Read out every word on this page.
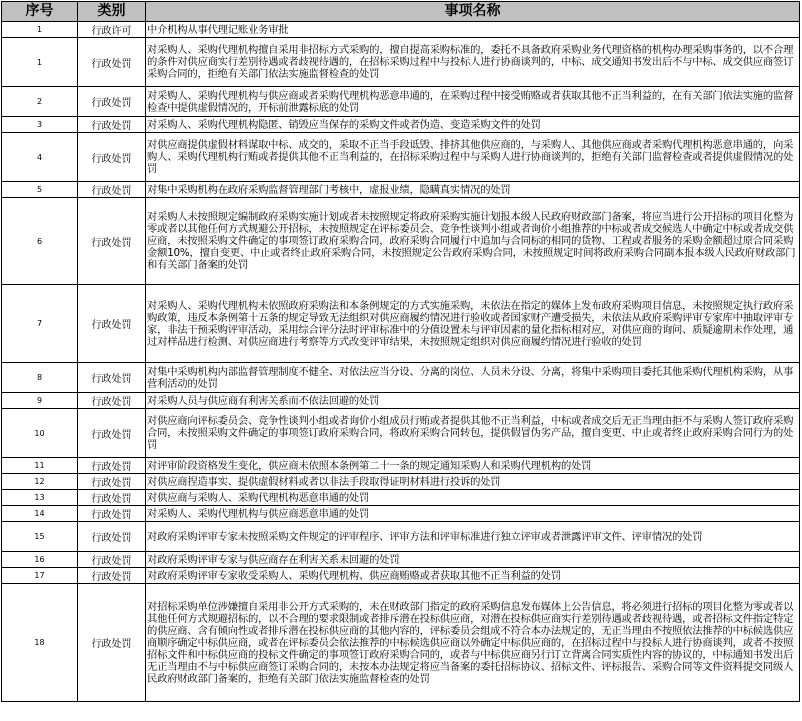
序号	类别	事项名称
1	行政许可	中介机构从事代理记账业务审批
1	行政处罚	对采购人、采购代理机构擅自采用非招标方式采购的，擅自提高采购标准的，委托不具备政府采购业务代理资格的机构办理采购事务的，以不合理的条件对供应商实行差别待遇或者歧视待遇的，在招标采购过程中与投标人进行协商谈判的，中标、成交通知书发出后不与中标、成交供应商签订采购合同的，拒绝有关部门依法实施监督检查的处罚
2	行政处罚	对采购人、采购代理机构与供应商或者采购代理机构恶意串通的，在采购过程中接受贿赂或者获取其他不正当利益的，在有关部门依法实施的监督检查中提供虚假情况的，开标前泄露标底的处罚
3	行政处罚	对采购人、采购代理机构隐匿、销毁应当保存的采购文件或者伪造、变造采购文件的处罚
4	行政处罚	对供应商提供虚假材料谋取中标、成交的，采取不正当手段诋毁、排挤其他供应商的，与采购人、其他供应商或者采购代理机构恶意串通的，向采购人、采购代理机构行贿或者提供其他不正当利益的，在招标采购过程中与采购人进行协商谈判的，拒绝有关部门监督检查或者提供虚假情况的处罚
5	行政处罚	对集中采购机构在政府采购监督管理部门考核中，虚报业绩，隐瞒真实情况的处罚
6	行政处罚	对采购人未按照规定编制政府采购实施计划或者未按照规定将政府采购实施计划报本级人民政府财政部门备案，将应当进行公开招标的项目化整为零或者以其他任何方式规避公开招标，未按照规定在评标委员会、竞争性谈判小组或者询价小组推荐的中标或者成交候选人中确定中标或者成交供应商，未按照采购文件确定的事项签订政府采购合同，政府采购合同履行中追加与合同标的相同的货物、工程或者服务的采购金额超过原合同采购金额10%，擅自变更、中止或者终止政府采购合同，未按照规定公告政府采购合同，未按照规定时间将政府采购合同副本报本级人民政府财政部门和有关部门备案的处罚
7	行政处罚	对采购人、采购代理机构未依照政府采购法和本条例规定的方式实施采购，未依法在指定的媒体上发布政府采购项目信息，未按照规定执行政府采购政策，违反本条例第十五条的规定导致无法组织对供应商履约情况进行验收或者国家财产遭受损失，未依法从政府采购评审专家库中抽取评审专家，非法干预采购评审活动，采用综合评分法时评审标准中的分值设置未与评审因素的量化指标相对应，对供应商的询问、质疑逾期未作处理，通过对样品进行检测、对供应商进行考察等方式改变评审结果，未按照规定组织对供应商履约情况进行验收的处罚
8	行政处罚	对集中采购机构内部监督管理制度不健全、对依法应当分设、分离的岗位、人员未分设、分离，将集中采购项目委托其他采购代理机构采购，从事营利活动的处罚
9	行政处罚	对采购人员与供应商有利害关系而不依法回避的处罚
10	行政处罚	对供应商向评标委员会、竞争性谈判小组或者询价小组成员行贿或者提供其他不正当利益，中标或者成交后无正当理由拒不与采购人签订政府采购合同，未按照采购文件确定的事项签订政府采购合同，将政府采购合同转包，提供假冒伪劣产品，擅自变更、中止或者终止政府采购合同行为的处罚
11	行政处罚	对评审阶段资格发生变化，供应商未依照本条例第二十一条的规定通知采购人和采购代理机构的处罚
12	行政处罚	对供应商捏造事实、提供虚假材料或者以非法手段取得证明材料进行投诉的处罚
13	行政处罚	对供应商与采购人、采购代理机构恶意串通的处罚
14	行政处罚	对采购人、采购代理机构与供应商恶意串通的处罚
15	行政处罚	对政府采购评审专家未按照采购文件规定的评审程序、评审方法和评审标准进行独立评审或者泄露评审文件、评审情况的处罚
16	行政处罚	对政府采购评审专家与供应商存在利害关系未回避的处罚
17	行政处罚	对政府采购评审专家收受采购人、采购代理机构、供应商贿赂或者获取其他不正当利益的处罚
18	行政处罚	对招标采购单位涉嫌擅自采用非公开方式采购的，未在财政部门指定的政府采购信息发布媒体上公告信息，将必须进行招标的项目化整为零或者以其他任何方式规避招标的，以不合理的要求限制或者排斥潜在投标供应商，对潜在投标供应商实行差别待遇或者歧视待遇，或者招标文件指定特定的供应商、含有倾向性或者排斥潜在投标供应商的其他内容的，评标委员会组成不符合本办法规定的，无正当理由不按照依法推荐的中标候选供应商顺序确定中标供应商，或者在评标委员会依法推荐的中标候选供应商以外确定中标供应商的，在招标过程中与投标人进行协商谈判，或者不按照招标文件和中标供应商的投标文件确定的事项签订政府采购合同的，或者与中标供应商另行订立背离合同实质性内容的协议的，中标通知书发出后无正当理由不与中标供应商签订采购合同的，未按本办法规定将应当备案的委托招标协议、招标文件、评标报告、采购合同等文件资料提交同级人民政府财政部门备案的，拒绝有关部门依法实施监督检查的处罚
